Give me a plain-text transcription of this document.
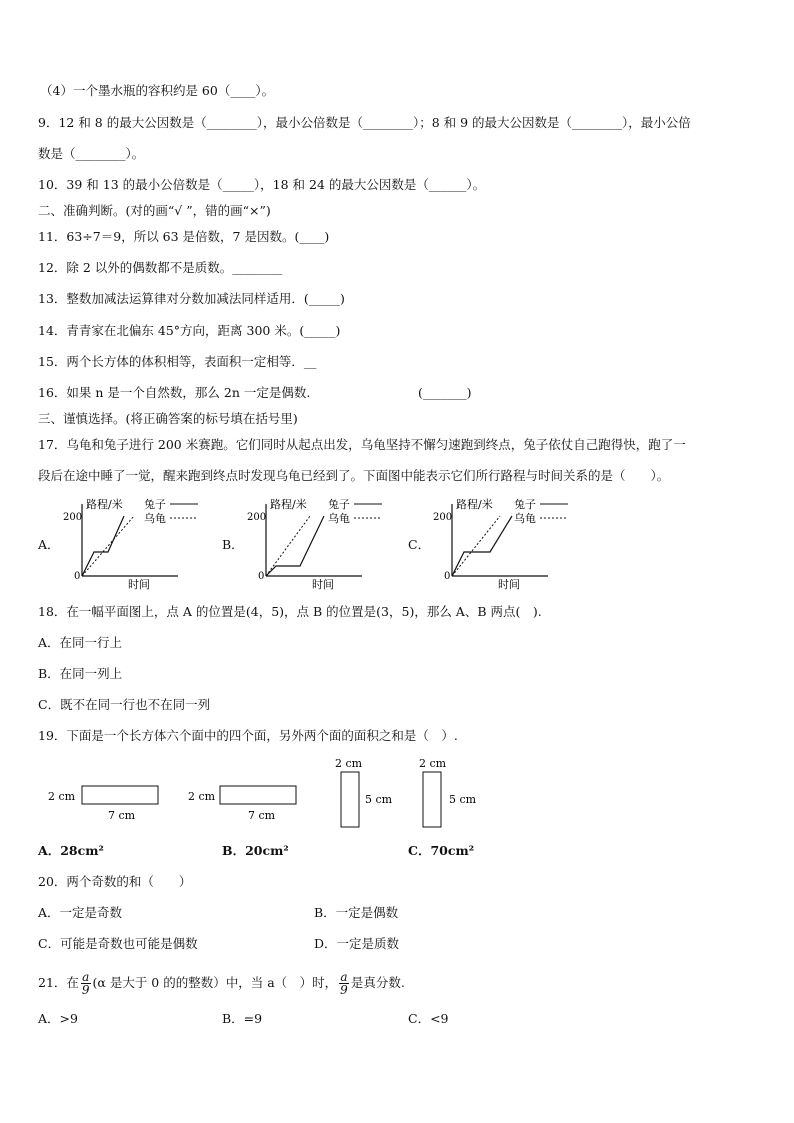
（4）一个墨水瓶的容积约是 60（____）。
9．12 和 8 的最大公因数是（________），最小公倍数是（________）；8 和 9 的最大公因数是（________），最小公倍
数是（________）。
10．39 和 13 的最小公倍数是（_____），18 和 24 的最大公因数是（______）。
二、准确判断。(对的画“√ ”，错的画“×”)
11．63÷7＝9，所以 63 是倍数，7 是因数。(____)
12．除 2 以外的偶数都不是质数。________
13．整数加减法运算律对分数加减法同样适用．(_____)
14．青青家在北偏东 45°方向，距离 300 米。(_____)
15．两个长方体的体积相等，表面积一定相等．__
16．如果 n 是一个自然数，那么 2n 一定是偶数.	(_______)
三、谨慎选择。(将正确答案的标号填在括号里)
17．乌龟和兔子进行 200 米赛跑。它们同时从起点出发，乌龟坚持不懈匀速跑到终点，兔子依仗自己跑得快，跑了一
段后在途中睡了一觉，醒来跑到终点时发现乌龟已经到了。下面图中能表示它们所行路程与时间关系的是（　　）。
A．
路程/米
200
0
时间
兔子
乌龟
B．
路程/米
200
0
时间
兔子
乌龟
C．
路程/米
200
0
时间
兔子
乌龟
18．在一幅平面图上，点 A 的位置是(4，5)，点 B 的位置是(3，5)，那么 A、B 两点(　).
A．在同一行上
B．在同一列上
C．既不在同一行也不在同一列
19．下面是一个长方体六个面中的四个面，另外两个面的面积之和是（　）.
2 cm
7 cm
2 cm
7 cm
2 cm
5 cm
2 cm
5 cm
A．28cm²	B．20cm²	C．70cm²
20．两个奇数的和（　　）
A．一定是奇数	B．一定是偶数
C．可能是奇数也可能是偶数	D．一定是质数
21．在 $\frac{a}{9} (\alpha$ 是大于 0 的的整数）中，当 a（　）时， $\frac{a}{9}$ 是真分数.
A．>9	B．=9	C．<9
